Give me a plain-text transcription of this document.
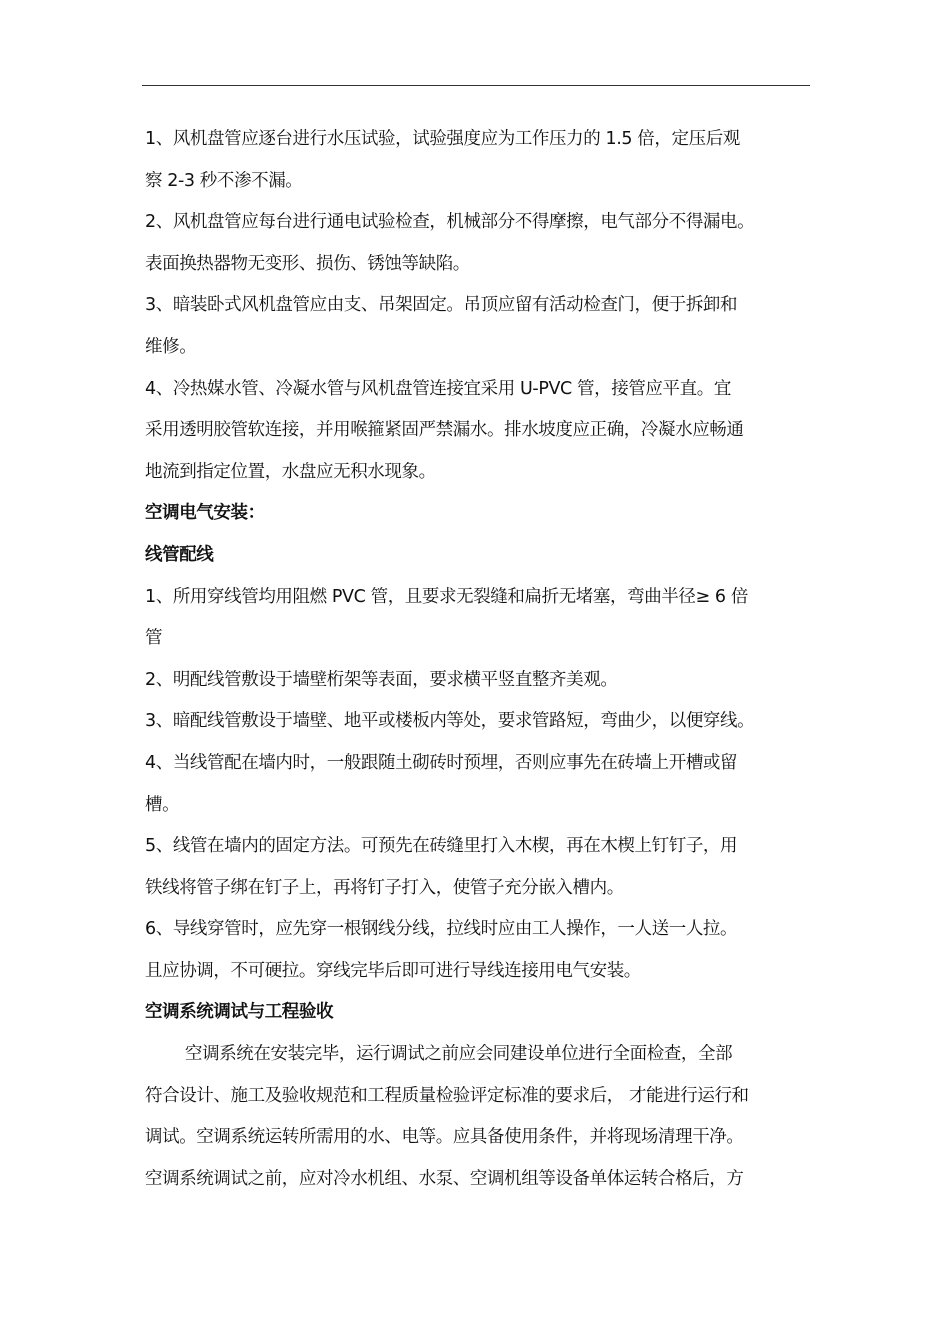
1、风机盘管应逐台进行水压试验，试验强度应为工作压力的 1.5 倍，定压后观
察 2-3 秒不渗不漏。
2、风机盘管应每台进行通电试验检查，机械部分不得摩擦，电气部分不得漏电。
表面换热器物无变形、损伤、锈蚀等缺陷。
3、暗装卧式风机盘管应由支、吊架固定。吊顶应留有活动检查门，便于拆卸和
维修。
4、冷热媒水管、冷凝水管与风机盘管连接宜采用 U-PVC 管，接管应平直。宜
采用透明胶管软连接，并用喉箍紧固严禁漏水。排水坡度应正确，冷凝水应畅通
地流到指定位置，水盘应无积水现象。
空调电气安装：
线管配线
1、所用穿线管均用阻燃 PVC 管，且要求无裂缝和扁折无堵塞，弯曲半径≥ 6 倍
管
2、明配线管敷设于墙壁桁架等表面，要求横平竖直整齐美观。
3、暗配线管敷设于墙壁、地平或楼板内等处，要求管路短，弯曲少，以便穿线。
4、当线管配在墙内时，一般跟随土砌砖时预埋，否则应事先在砖墙上开槽或留
槽。
5、线管在墙内的固定方法。可预先在砖缝里打入木楔，再在木楔上钉钉子，用
铁线将管子绑在钉子上，再将钉子打入，使管子充分嵌入槽内。
6、导线穿管时，应先穿一根钢线分线，拉线时应由工人操作，一人送一人拉。
且应协调，不可硬拉。穿线完毕后即可进行导线连接用电气安装。
空调系统调试与工程验收
空调系统在安装完毕，运行调试之前应会同建设单位进行全面检查，全部
符合设计、施工及验收规范和工程质量检验评定标准的要求后， 才能进行运行和
调试。空调系统运转所需用的水、电等。应具备使用条件，并将现场清理干净。
空调系统调试之前，应对冷水机组、水泵、空调机组等设备单体运转合格后，方
